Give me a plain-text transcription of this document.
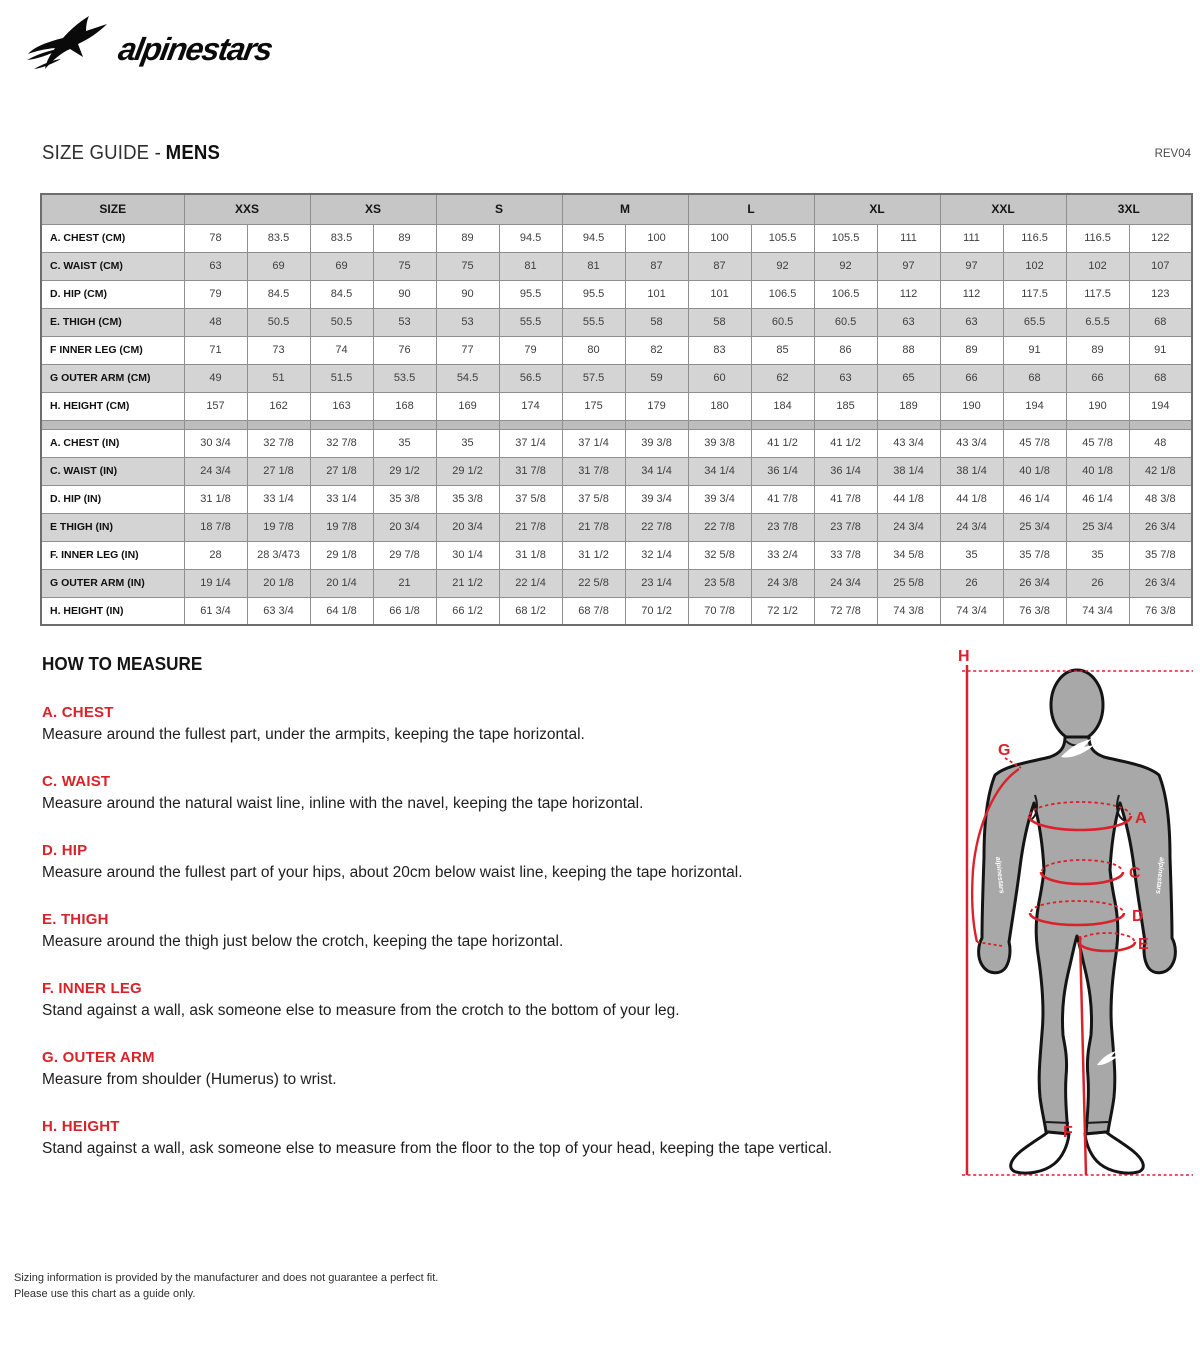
alpinestars
SIZE GUIDE - MENS	REV04
SIZE	XXS		XS		S		M		L		XL		XXL		3XL	
A. CHEST (CM)	78	83.5	83.5	89	89	94.5	94.5	100	100	105.5	105.5	111	111	116.5	116.5	122
C. WAIST (CM)	63	69	69	75	75	81	81	87	87	92	92	97	97	102	102	107
D. HIP (CM)	79	84.5	84.5	90	90	95.5	95.5	101	101	106.5	106.5	112	112	117.5	117.5	123
E. THIGH (CM)	48	50.5	50.5	53	53	55.5	55.5	58	58	60.5	60.5	63	63	65.5	6.5.5	68
F INNER LEG (CM)	71	73	74	76	77	79	80	82	83	85	86	88	89	91	89	91
G OUTER ARM (CM)	49	51	51.5	53.5	54.5	56.5	57.5	59	60	62	63	65	66	68	66	68
H. HEIGHT (CM)	157	162	163	168	169	174	175	179	180	184	185	189	190	194	190	194

A. CHEST (IN)	30 3/4	32 7/8	32 7/8	35	35	37 1/4	37 1/4	39 3/8	39 3/8	41 1/2	41 1/2	43 3/4	43 3/4	45 7/8	45 7/8	48
C. WAIST (IN)	24 3/4	27 1/8	27 1/8	29 1/2	29 1/2	31 7/8	31 7/8	34 1/4	34 1/4	36 1/4	36 1/4	38 1/4	38 1/4	40 1/8	40 1/8	42 1/8
D. HIP (IN)	31 1/8	33 1/4	33 1/4	35 3/8	35 3/8	37 5/8	37 5/8	39 3/4	39 3/4	41 7/8	41 7/8	44 1/8	44 1/8	46 1/4	46 1/4	48 3/8
E THIGH (IN)	18 7/8	19 7/8	19 7/8	20 3/4	20 3/4	21 7/8	21 7/8	22 7/8	22 7/8	23 7/8	23 7/8	24 3/4	24 3/4	25 3/4	25 3/4	26 3/4
F. INNER LEG (IN)	28	28 3/473	29 1/8	29 7/8	30 1/4	31 1/8	31 1/2	32 1/4	32 5/8	33 2/4	33 7/8	34 5/8	35	35 7/8	35	35 7/8
G OUTER ARM (IN)	19 1/4	20 1/8	20 1/4	21	21 1/2	22 1/4	22 5/8	23 1/4	23 5/8	24 3/8	24 3/4	25 5/8	26	26 3/4	26	26 3/4
H. HEIGHT (IN)	61 3/4	63 3/4	64 1/8	66 1/8	66 1/2	68 1/2	68 7/8	70 1/2	70 7/8	72 1/2	72 7/8	74 3/8	74 3/4	76 3/8	74 3/4	76 3/8
HOW TO MEASURE
A. CHEST
Measure around the fullest part, under the armpits, keeping the tape horizontal.
C. WAIST
Measure around the natural waist line, inline with the navel, keeping the tape horizontal.
D. HIP
Measure around the fullest part of your hips, about 20cm below waist line, keeping the tape horizontal.
E. THIGH
Measure around the thigh just below the crotch, keeping the tape horizontal.
F. INNER LEG
Stand against a wall, ask someone else to measure from the crotch to the bottom of your leg.
G. OUTER ARM
Measure from shoulder (Humerus) to wrist.
H. HEIGHT
Stand against a wall, ask someone else to measure from the floor to the top of your head, keeping the tape vertical.
alpinestars	alpinestars
H
G
A
C
D
E
F
Sizing information is provided by the manufacturer and does not guarantee a perfect fit.
Please use this chart as a guide only.
